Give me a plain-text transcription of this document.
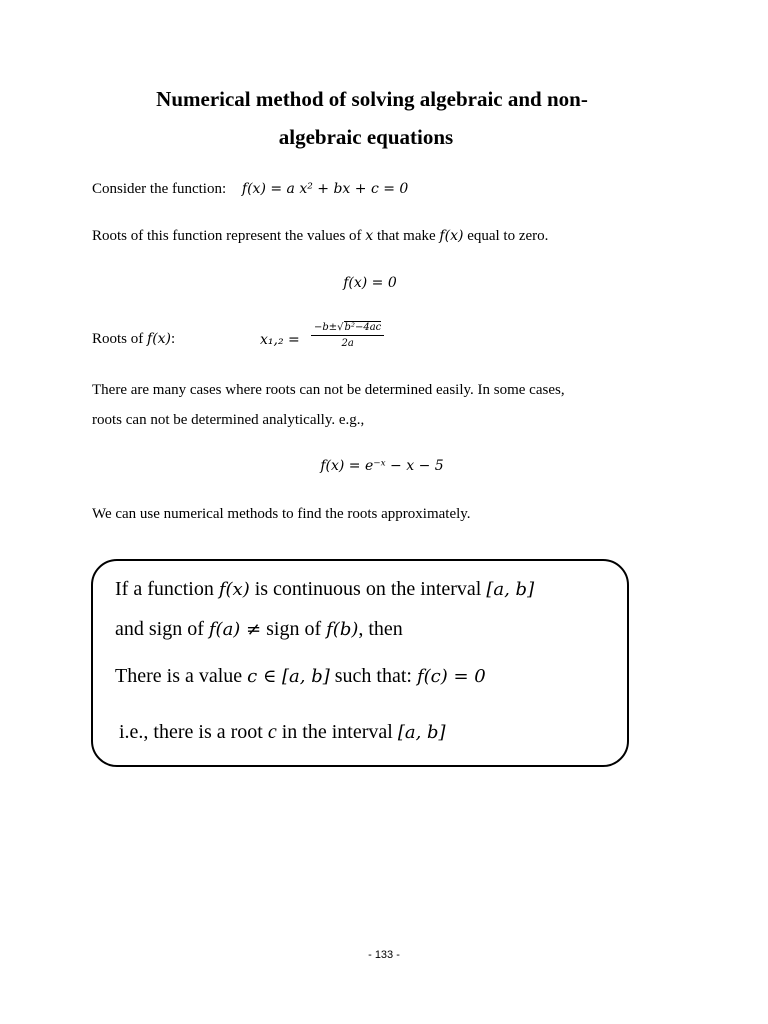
Numerical method of solving algebraic and non-
algebraic equations
Consider the function: f(x) = a x² + bx + c = 0
Roots of this function represent the values of x that make f(x) equal to zero.
f(x) = 0
Roots of f(x):	$x_1,_2 = \frac{\text{−b±√b²−4ac}}{2a}$
There are many cases where roots can not be determined easily. In some cases,
roots can not be determined analytically. e.g.,
f(x) = e⁻ˣ − x − 5
We can use numerical methods to find the roots approximately.
If a function f(x) is continuous on the interval [a, b]
and sign of f(a) ≠ sign of f(b), then
There is a value c ∈ [a, b] such that: f(c) = 0
i.e., there is a root c in the interval [a, b]
- 133 -
